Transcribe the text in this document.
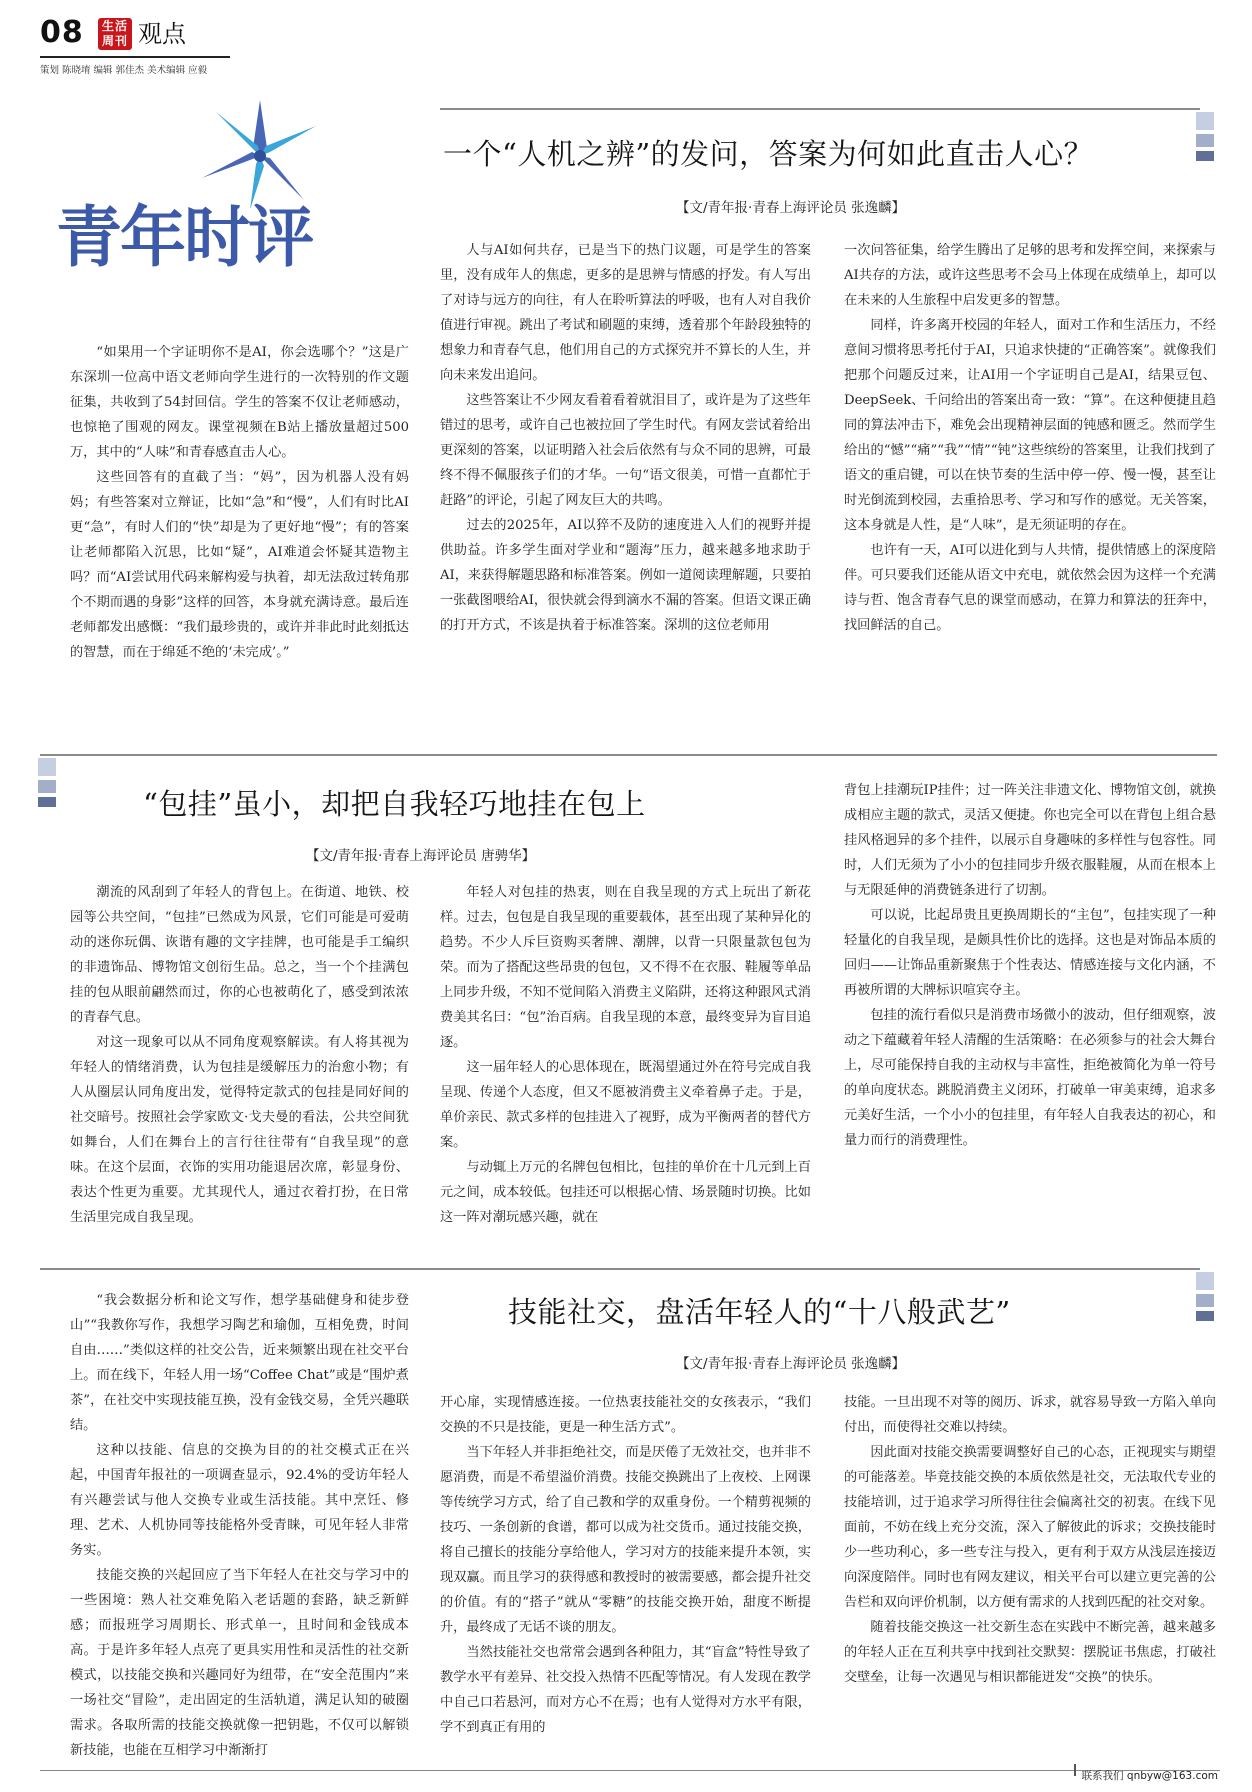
08	生活周刊 观点
策划 陈晓堉 编辑 郭佳杰 美术编辑 应毅
青年时评
一个“人机之辨”的发问，答案为何如此直击人心？
【文/青年报·青春上海评论员 张逸麟】

“如果用一个字证明你不是AI，你会选哪个？”这是广东深圳一位高中语文老师向学生进行的一次特别的作文题征集，共收到了54封回信。学生的答案不仅让老师感动，也惊艳了围观的网友。课堂视频在B站上播放量超过500万，其中的“人味”和青春感直击人心。

这些回答有的直截了当：“妈”，因为机器人没有妈妈；有些答案对立辩证，比如“急”和“慢”，人们有时比AI更“急”，有时人们的“快”却是为了更好地“慢”；有的答案让老师都陷入沉思，比如“疑”，AI难道会怀疑其造物主吗？而“AI尝试用代码来解构爱与执着，却无法敌过转角那个不期而遇的身影”这样的回答，本身就充满诗意。最后连老师都发出感慨：“我们最珍贵的，或许并非此时此刻抵达的智慧，而在于绵延不绝的‘未完成’。”

人与AI如何共存，已是当下的热门议题，可是学生的答案里，没有成年人的焦虑，更多的是思辨与情感的抒发。有人写出了对诗与远方的向往，有人在聆听算法的呼吸，也有人对自我价值进行审视。跳出了考试和刷题的束缚，透着那个年龄段独特的想象力和青春气息，他们用自己的方式探究并不算长的人生，并向未来发出追问。

这些答案让不少网友看着看着就泪目了，或许是为了这些年错过的思考，或许自己也被拉回了学生时代。有网友尝试着给出更深刻的答案，以证明踏入社会后依然有与众不同的思辨，可最终不得不佩服孩子们的才华。一句“语文很美，可惜一直都忙于赶路”的评论，引起了网友巨大的共鸣。

过去的2025年，AI以猝不及防的速度进入人们的视野并提供助益。许多学生面对学业和“题海”压力，越来越多地求助于AI，来获得解题思路和标准答案。例如一道阅读理解题，只要拍一张截图喂给AI，很快就会得到滴水不漏的答案。但语文课正确的打开方式，不该是执着于标准答案。深圳的这位老师用

一次问答征集，给学生腾出了足够的思考和发挥空间，来探索与AI共存的方法，或许这些思考不会马上体现在成绩单上，却可以在未来的人生旅程中启发更多的智慧。

同样，许多离开校园的年轻人，面对工作和生活压力，不经意间习惯将思考托付于AI，只追求快捷的“正确答案”。就像我们把那个问题反过来，让AI用一个字证明自己是AI，结果豆包、DeepSeek、千问给出的答案出奇一致：“算”。在这种便捷且趋同的算法冲击下，难免会出现精神层面的钝感和匮乏。然而学生给出的“憾”“痛”“我”“情”“钝”这些缤纷的答案里，让我们找到了语文的重启键，可以在快节奏的生活中停一停、慢一慢，甚至让时光倒流到校园，去重拾思考、学习和写作的感觉。无关答案，这本身就是人性，是“人味”，是无须证明的存在。

也许有一天，AI可以进化到与人共情，提供情感上的深度陪伴。可只要我们还能从语文中充电，就依然会因为这样一个充满诗与哲、饱含青春气息的课堂而感动，在算力和算法的狂奔中，找回鲜活的自己。

“包挂”虽小，却把自我轻巧地挂在包上
【文/青年报·青春上海评论员 唐骋华】

潮流的风刮到了年轻人的背包上。在街道、地铁、校园等公共空间，“包挂”已然成为风景，它们可能是可爱萌动的迷你玩偶、诙谐有趣的文字挂牌，也可能是手工编织的非遗饰品、博物馆文创衍生品。总之，当一个个挂满包挂的包从眼前翩然而过，你的心也被萌化了，感受到浓浓的青春气息。

对这一现象可以从不同角度观察解读。有人将其视为年轻人的情绪消费，认为包挂是缓解压力的治愈小物；有人从圈层认同角度出发，觉得特定款式的包挂是同好间的社交暗号。按照社会学家欧文·戈夫曼的看法，公共空间犹如舞台，人们在舞台上的言行往往带有“自我呈现”的意味。在这个层面，衣饰的实用功能退居次席，彰显身份、表达个性更为重要。尤其现代人，通过衣着打扮，在日常生活里完成自我呈现。

年轻人对包挂的热衷，则在自我呈现的方式上玩出了新花样。过去，包包是自我呈现的重要载体，甚至出现了某种异化的趋势。不少人斥巨资购买奢牌、潮牌，以背一只限量款包包为荣。而为了搭配这些昂贵的包包，又不得不在衣服、鞋履等单品上同步升级，不知不觉间陷入消费主义陷阱，还将这种跟风式消费美其名曰：“包”治百病。自我呈现的本意，最终变异为盲目追逐。

这一届年轻人的心思体现在，既渴望通过外在符号完成自我呈现、传递个人态度，但又不愿被消费主义牵着鼻子走。于是，单价亲民、款式多样的包挂进入了视野，成为平衡两者的替代方案。

与动辄上万元的名牌包包相比，包挂的单价在十几元到上百元之间，成本较低。包挂还可以根据心情、场景随时切换。比如这一阵对潮玩感兴趣，就在

背包上挂潮玩IP挂件；过一阵关注非遗文化、博物馆文创，就换成相应主题的款式，灵活又便捷。你也完全可以在背包上组合悬挂风格迥异的多个挂件，以展示自身趣味的多样性与包容性。同时，人们无须为了小小的包挂同步升级衣服鞋履，从而在根本上与无限延伸的消费链条进行了切割。

可以说，比起昂贵且更换周期长的“主包”，包挂实现了一种轻量化的自我呈现，是颇具性价比的选择。这也是对饰品本质的回归——让饰品重新聚焦于个性表达、情感连接与文化内涵，不再被所谓的大牌标识喧宾夺主。

包挂的流行看似只是消费市场微小的波动，但仔细观察，波动之下蕴藏着年轻人清醒的生活策略：在必须参与的社会大舞台上，尽可能保持自我的主动权与丰富性，拒绝被简化为单一符号的单向度状态。跳脱消费主义闭环，打破单一审美束缚，追求多元美好生活，一个小小的包挂里，有年轻人自我表达的初心，和量力而行的消费理性。

技能社交，盘活年轻人的“十八般武艺”
【文/青年报·青春上海评论员 张逸麟】

“我会数据分析和论文写作，想学基础健身和徒步登山”“我教你写作，我想学习陶艺和瑜伽，互相免费，时间自由……”类似这样的社交公告，近来频繁出现在社交平台上。而在线下，年轻人用一场“Coffee Chat”或是“围炉煮茶”，在社交中实现技能互换，没有金钱交易，全凭兴趣联结。

这种以技能、信息的交换为目的的社交模式正在兴起，中国青年报社的一项调查显示，92.4%的受访年轻人有兴趣尝试与他人交换专业或生活技能。其中烹饪、修理、艺术、人机协同等技能格外受青睐，可见年轻人非常务实。

技能交换的兴起回应了当下年轻人在社交与学习中的一些困境：熟人社交难免陷入老话题的套路，缺乏新鲜感；而报班学习周期长、形式单一，且时间和金钱成本高。于是许多年轻人点亮了更具实用性和灵活性的社交新模式，以技能交换和兴趣同好为纽带，在“安全范围内”来一场社交“冒险”，走出固定的生活轨道，满足认知的破圈需求。各取所需的技能交换就像一把钥匙，不仅可以解锁新技能，也能在互相学习中渐渐打

开心扉，实现情感连接。一位热衷技能社交的女孩表示，“我们交换的不只是技能，更是一种生活方式”。

当下年轻人并非拒绝社交，而是厌倦了无效社交，也并非不愿消费，而是不希望溢价消费。技能交换跳出了上夜校、上网课等传统学习方式，给了自己教和学的双重身份。一个精剪视频的技巧、一条创新的食谱，都可以成为社交货币。通过技能交换，将自己擅长的技能分享给他人，学习对方的技能来提升本领，实现双赢。而且学习的获得感和教授时的被需要感，都会提升社交的价值。有的“搭子”就从“零糖”的技能交换开始，甜度不断提升，最终成了无话不谈的朋友。

当然技能社交也常常会遇到各种阻力，其“盲盒”特性导致了教学水平有差异、社交投入热情不匹配等情况。有人发现在教学中自己口若悬河，而对方心不在焉；也有人觉得对方水平有限，学不到真正有用的

技能。一旦出现不对等的阅历、诉求，就容易导致一方陷入单向付出，而使得社交难以持续。

因此面对技能交换需要调整好自己的心态，正视现实与期望的可能落差。毕竟技能交换的本质依然是社交，无法取代专业的技能培训，过于追求学习所得往往会偏离社交的初衷。在线下见面前，不妨在线上充分交流，深入了解彼此的诉求；交换技能时少一些功利心，多一些专注与投入，更有利于双方从浅层连接迈向深度陪伴。同时也有网友建议，相关平台可以建立更完善的公告栏和双向评价机制，以方便有需求的人找到匹配的社交对象。

随着技能交换这一社交新生态在实践中不断完善，越来越多的年轻人正在互利共享中找到社交默契：摆脱证书焦虑，打破社交壁垒，让每一次遇见与相识都能迸发“交换”的快乐。

联系我们 qnbyw@163.com
